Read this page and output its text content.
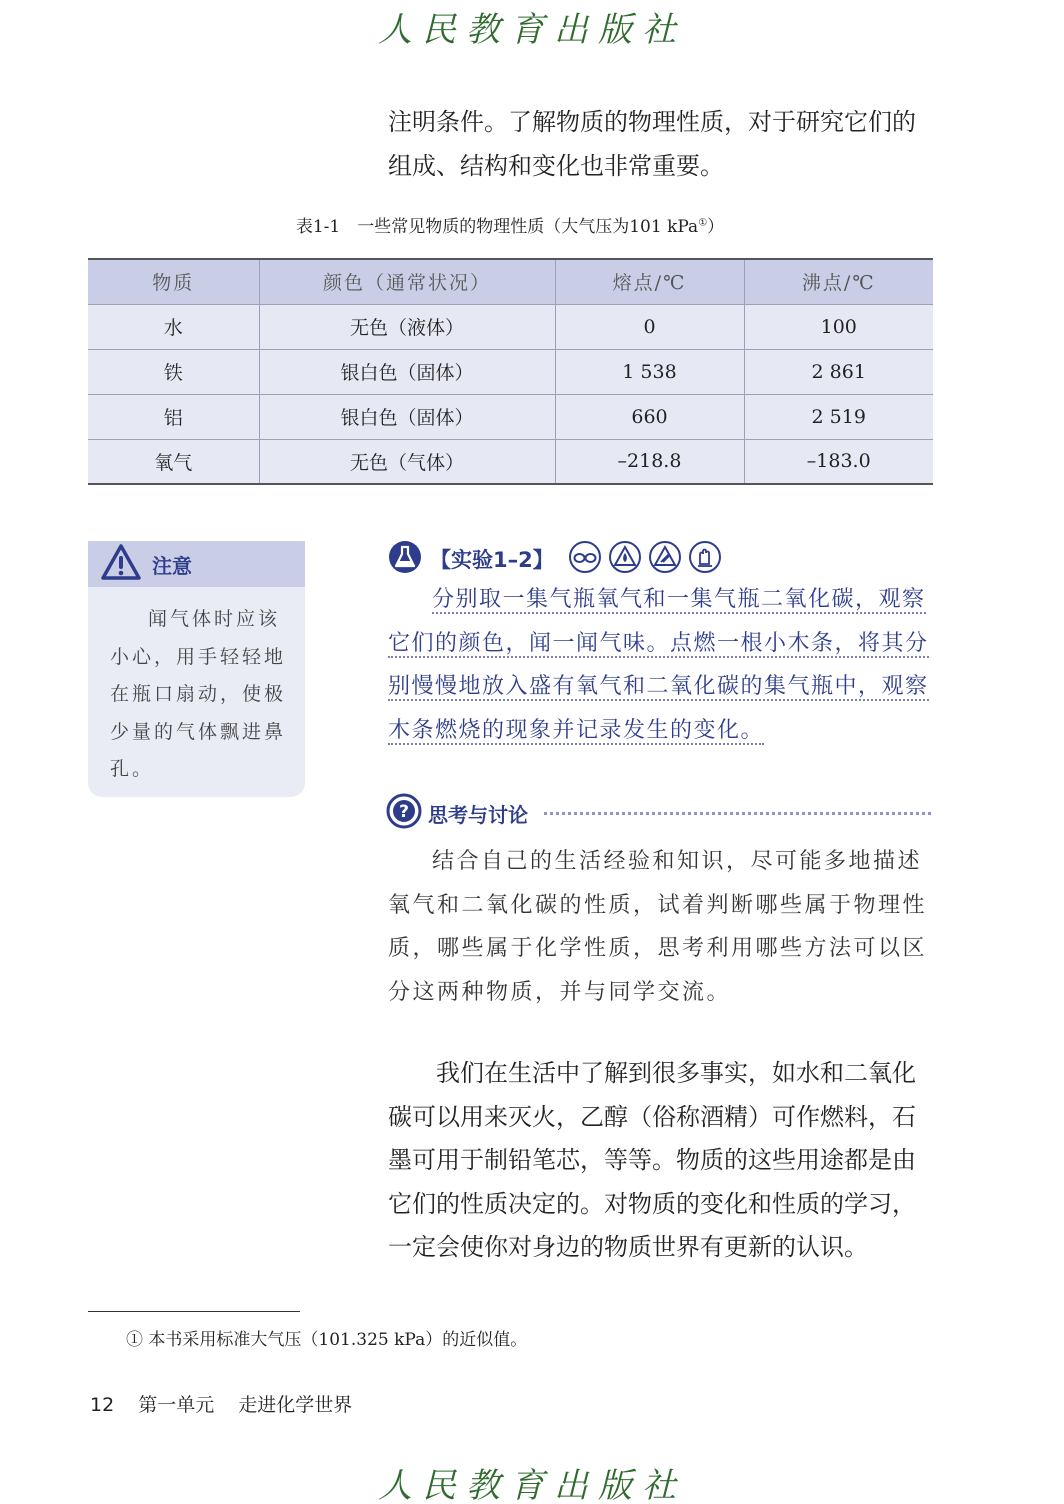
人民教育出版社

注明条件。了解物质的物理性质，对于研究它们的组成、结构和变化也非常重要。

表1-1　一些常见物质的物理性质（大气压为101 kPa①）
物质	颜色（通常状况）	熔点/℃	沸点/℃
水	无色（液体）	0	100
铁	银白色（固体）	1 538	2 861
铝	银白色（固体）	660	2 519
氧气	无色（气体）	–218.8	–183.0
注意

闻气体时应该小心，用手轻轻地在瓶口扇动，使极少量的气体飘进鼻孔。

【实验1–2】

分别取一集气瓶氧气和一集气瓶二氧化碳，观察它们的颜色，闻一闻气味。点燃一根小木条，将其分别慢慢地放入盛有氧气和二氧化碳的集气瓶中，观察木条燃烧的现象并记录发生的变化。

? 思考与讨论

结合自己的生活经验和知识，尽可能多地描述氧气和二氧化碳的性质，试着判断哪些属于物理性质，哪些属于化学性质，思考利用哪些方法可以区分这两种物质，并与同学交流。

我们在生活中了解到很多事实，如水和二氧化碳可以用来灭火，乙醇（俗称酒精）可作燃料，石墨可用于制铅笔芯，等等。物质的这些用途都是由它们的性质决定的。对物质的变化和性质的学习，一定会使你对身边的物质世界有更新的认识。

① 本书采用标准大气压（101.325 kPa）的近似值。

12 第一单元 走进化学世界
人民教育出版社
